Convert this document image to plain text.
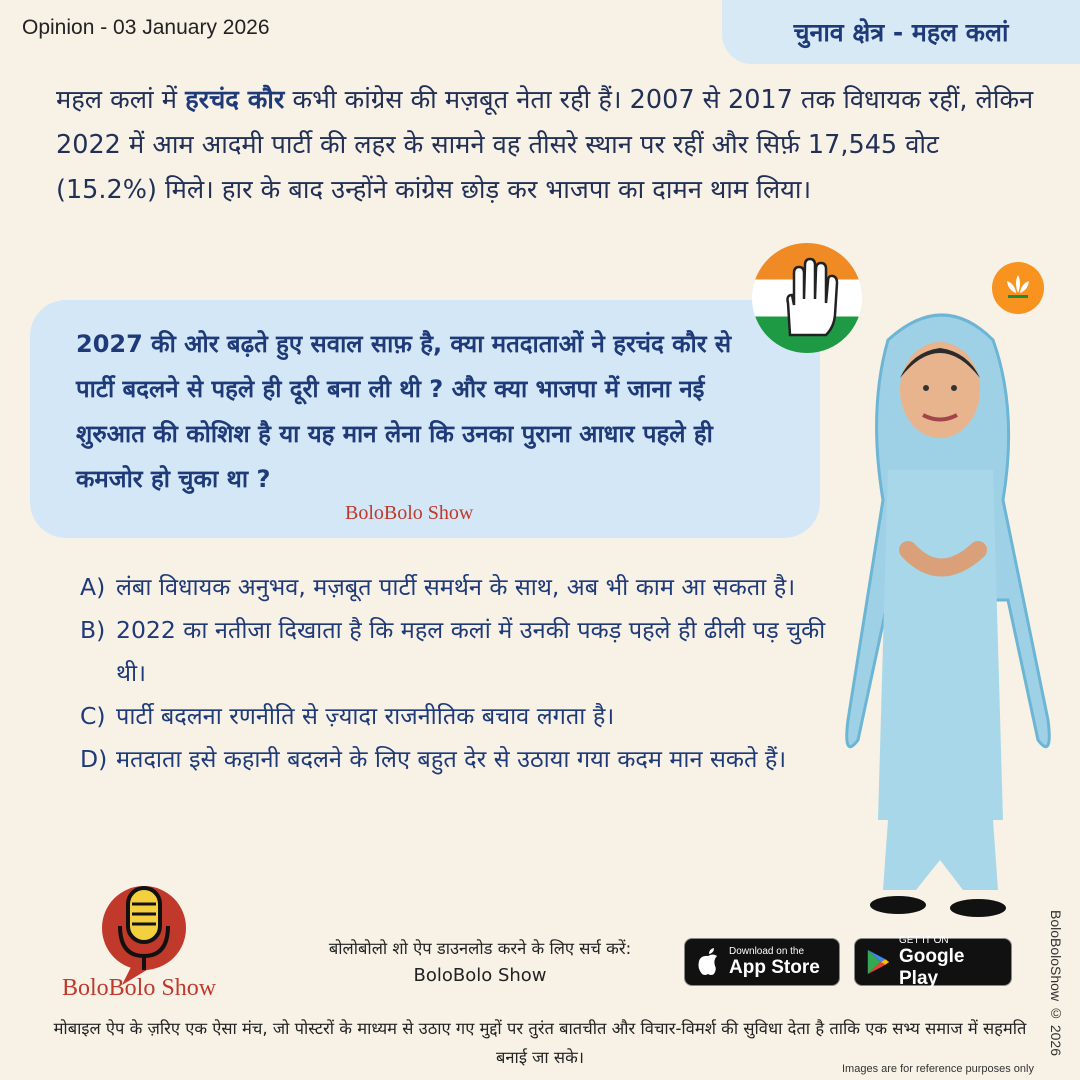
Opinion - 03 January 2026	चुनाव क्षेत्र - महल कलां
महल कलां में हरचंद कौर कभी कांग्रेस की मज़बूत नेता रही हैं। 2007 से 2017 तक विधायक रहीं, लेकिन 2022 में आम आदमी पार्टी की लहर के सामने वह तीसरे स्थान पर रहीं और सिर्फ़ 17,545 वोट (15.2%) मिले। हार के बाद उन्होंने कांग्रेस छोड़ कर भाजपा का दामन थाम लिया।
2027 की ओर बढ़ते हुए सवाल साफ़ है, क्या मतदाताओं ने हरचंद कौर से पार्टी बदलने से पहले ही दूरी बना ली थी ? और क्या भाजपा में जाना नई शुरुआत की कोशिश है या यह मान लेना कि उनका पुराना आधार पहले ही कमजोर हो चुका था ?
BoloBolo Show
A) लंबा विधायक अनुभव, मज़बूत पार्टी समर्थन के साथ, अब भी काम आ सकता है।
B) 2022 का नतीजा दिखाता है कि महल कलां में उनकी पकड़ पहले ही ढीली पड़ चुकी थी।
C) पार्टी बदलना रणनीति से ज़्यादा राजनीतिक बचाव लगता है।
D) मतदाता इसे कहानी बदलने के लिए बहुत देर से उठाया गया कदम मान सकते हैं।
BoloBoloShow © 2026
BoloBolo Show
बोलोबोलो शो ऐप डाउनलोड करने के लिए सर्च करें:
BoloBolo Show
Download on the
App Store
GET IT ON
Google Play
मोबाइल ऐप के ज़रिए एक ऐसा मंच, जो पोस्टरों के माध्यम से उठाए गए मुद्दों पर तुरंत बातचीत और विचार-विमर्श की सुविधा देता है ताकि एक सभ्य समाज में सहमति बनाई जा सके।
Images are for reference purposes only
